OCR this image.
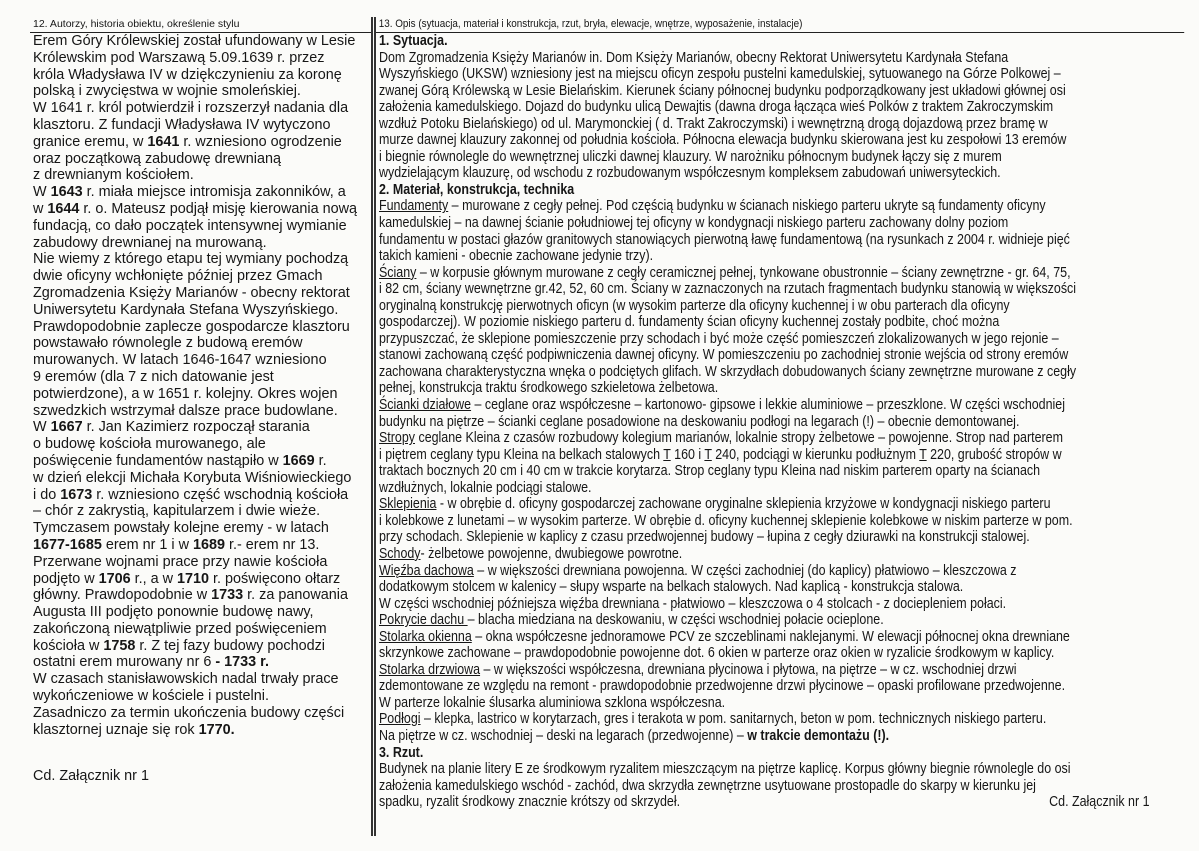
12. Autorzy, historia obiektu, określenie stylu
Erem Góry Królewskiej został ufundowany w Lesie
Królewskim pod Warszawą 5.09.1639 r. przez
króla Władysława IV w dziękczynieniu za koronę
polską i zwycięstwa w wojnie smoleńskiej.
W 1641 r. król potwierdził i rozszerzył nadania dla
klasztoru. Z fundacji Władysława IV wytyczono
granice eremu, w 1641 r. wzniesiono ogrodzenie
oraz początkową zabudowę drewnianą
z drewnianym kościołem.
W 1643 r. miała miejsce intromisja zakonników, a
w 1644 r. o. Mateusz podjął misję kierowania nową
fundacją, co dało początek intensywnej wymianie
zabudowy drewnianej na murowaną.
Nie wiemy z którego etapu tej wymiany pochodzą
dwie oficyny wchłonięte później przez Gmach
Zgromadzenia Księży Marianów - obecny rektorat
Uniwersytetu Kardynała Stefana Wyszyńskiego.
Prawdopodobnie zaplecze gospodarcze klasztoru
powstawało równolegle z budową eremów
murowanych. W latach 1646-1647 wzniesiono
9 eremów (dla 7 z nich datowanie jest
potwierdzone), a w 1651 r. kolejny. Okres wojen
szwedzkich wstrzymał dalsze prace budowlane.
W 1667 r. Jan Kazimierz rozpoczął starania
o budowę kościoła murowanego, ale
poświęcenie fundamentów nastąpiło w 1669 r.
w dzień elekcji Michała Korybuta Wiśniowieckiego
i do 1673 r. wzniesiono część wschodnią kościoła
– chór z zakrystią, kapitularzem i dwie wieże.
Tymczasem powstały kolejne eremy - w latach
1677-1685 erem nr 1 i w 1689 r.- erem nr 13.
Przerwane wojnami prace przy nawie kościoła
podjęto w 1706 r., a w 1710 r. poświęcono ołtarz
główny. Prawdopodobnie w 1733 r. za panowania
Augusta III podjęto ponownie budowę nawy,
zakończoną niewątpliwie przed poświęceniem
kościoła w 1758 r. Z tej fazy budowy pochodzi
ostatni erem murowany nr 6 - 1733 r.
W czasach stanisławowskich nadal trwały prace
wykończeniowe w kościele i pustelni.
Zasadniczo za termin ukończenia budowy części
klasztornej uznaje się rok 1770.
Cd. Załącznik nr 1
13. Opis (sytuacja, materiał i konstrukcja, rzut, bryła, elewacje, wnętrze, wyposażenie, instalacje)
1. Sytuacja.
Dom Zgromadzenia Księży Marianów in. Dom Księży Marianów, obecny Rektorat Uniwersytetu Kardynała Stefana
Wyszyńskiego (UKSW) wzniesiony jest na miejscu oficyn zespołu pustelni kamedulskiej, sytuowanego na Górze Polkowej –
zwanej Górą Królewską w Lesie Bielańskim. Kierunek ściany północnej budynku podporządkowany jest układowi głównej osi
założenia kamedulskiego. Dojazd do budynku ulicą Dewajtis (dawna droga łącząca wieś Polków z traktem Zakroczymskim
wzdłuż Potoku Bielańskiego) od ul. Marymonckiej ( d. Trakt Zakroczymski) i wewnętrzną drogą dojazdową przez bramę w
murze dawnej klauzury zakonnej od południa kościoła. Północna elewacja budynku skierowana jest ku zespołowi 13 eremów
i biegnie równolegle do wewnętrznej uliczki dawnej klauzury. W narożniku północnym budynek łączy się z murem
wydzielającym klauzurę, od wschodu z rozbudowanym współczesnym kompleksem zabudowań uniwersyteckich.
2. Materiał, konstrukcja, technika
Fundamenty – murowane z cegły pełnej. Pod częścią budynku w ścianach niskiego parteru ukryte są fundamenty oficyny
kamedulskiej – na dawnej ścianie południowej tej oficyny w kondygnacji niskiego parteru zachowany dolny poziom
fundamentu w postaci głazów granitowych stanowiących pierwotną ławę fundamentową (na rysunkach z 2004 r. widnieje pięć
takich kamieni - obecnie zachowane jedynie trzy).
Ściany – w korpusie głównym murowane z cegły ceramicznej pełnej, tynkowane obustronnie – ściany zewnętrzne - gr. 64, 75,
i 82 cm, ściany wewnętrzne gr.42, 52, 60 cm. Ściany w zaznaczonych na rzutach fragmentach budynku stanowią w większości
oryginalną konstrukcję pierwotnych oficyn (w wysokim parterze dla oficyny kuchennej i w obu parterach dla oficyny
gospodarczej). W poziomie niskiego parteru d. fundamenty ścian oficyny kuchennej zostały podbite, choć można
przypuszczać, że sklepione pomieszczenie przy schodach i być może część pomieszczeń zlokalizowanych w jego rejonie –
stanowi zachowaną część podpiwniczenia dawnej oficyny. W pomieszczeniu po zachodniej stronie wejścia od strony eremów
zachowana charakterystyczna wnęka o podciętych glifach. W skrzydłach dobudowanych ściany zewnętrzne murowane z cegły
pełnej, konstrukcja traktu środkowego szkieletowa żelbetowa.
Ścianki działowe – ceglane oraz współczesne – kartonowo- gipsowe i lekkie aluminiowe – przeszklone. W części wschodniej
budynku na piętrze – ścianki ceglane posadowione na deskowaniu podłogi na legarach (!) – obecnie demontowanej.
Stropy ceglane Kleina z czasów rozbudowy kolegium marianów, lokalnie stropy żelbetowe – powojenne. Strop nad parterem
i piętrem ceglany typu Kleina na belkach stalowych T 160 i T 240, podciągi w kierunku podłużnym T 220, grubość stropów w
traktach bocznych 20 cm i 40 cm w trakcie korytarza. Strop ceglany typu Kleina nad niskim parterem oparty na ścianach
wzdłużnych, lokalnie podciągi stalowe.
Sklepienia - w obrębie d. oficyny gospodarczej zachowane oryginalne sklepienia krzyżowe w kondygnacji niskiego parteru
i kolebkowe z lunetami – w wysokim parterze. W obrębie d. oficyny kuchennej sklepienie kolebkowe w niskim parterze w pom.
przy schodach. Sklepienie w kaplicy z czasu przedwojennej budowy – łupina z cegły dziurawki na konstrukcji stalowej.
Schody- żelbetowe powojenne, dwubiegowe powrotne.
Więźba dachowa – w większości drewniana powojenna. W części zachodniej (do kaplicy) płatwiowo – kleszczowa z
dodatkowym stolcem w kalenicy – słupy wsparte na belkach stalowych. Nad kaplicą - konstrukcja stalowa.
W części wschodniej późniejsza więźba drewniana - płatwiowo – kleszczowa o 4 stolcach - z dociepleniem połaci.
Pokrycie dachu – blacha miedziana na deskowaniu, w części wschodniej połacie ocieplone.
Stolarka okienna – okna współczesne jednoramowe PCV ze szczeblinami naklejanymi. W elewacji północnej okna drewniane
skrzynkowe zachowane – prawdopodobnie powojenne dot. 6 okien w parterze oraz okien w ryzalicie środkowym w kaplicy.
Stolarka drzwiowa – w większości współczesna, drewniana płycinowa i płytowa, na piętrze – w cz. wschodniej drzwi
zdemontowane ze względu na remont - prawdopodobnie przedwojenne drzwi płycinowe – opaski profilowane przedwojenne.
W parterze lokalnie ślusarka aluminiowa szklona współczesna.
Podłogi – klepka, lastrico w korytarzach, gres i terakota w pom. sanitarnych, beton w pom. technicznych niskiego parteru.
Na piętrze w cz. wschodniej – deski na legarach (przedwojenne) – w trakcie demontażu (!).
3. Rzut.
Budynek na planie litery E ze środkowym ryzalitem mieszczącym na piętrze kaplicę. Korpus główny biegnie równolegle do osi
założenia kamedulskiego wschód - zachód, dwa skrzydła zewnętrzne usytuowane prostopadle do skarpy w kierunku jej
spadku, ryzalit środkowy znacznie krótszy od skrzydeł.	Cd. Załącznik nr 1
